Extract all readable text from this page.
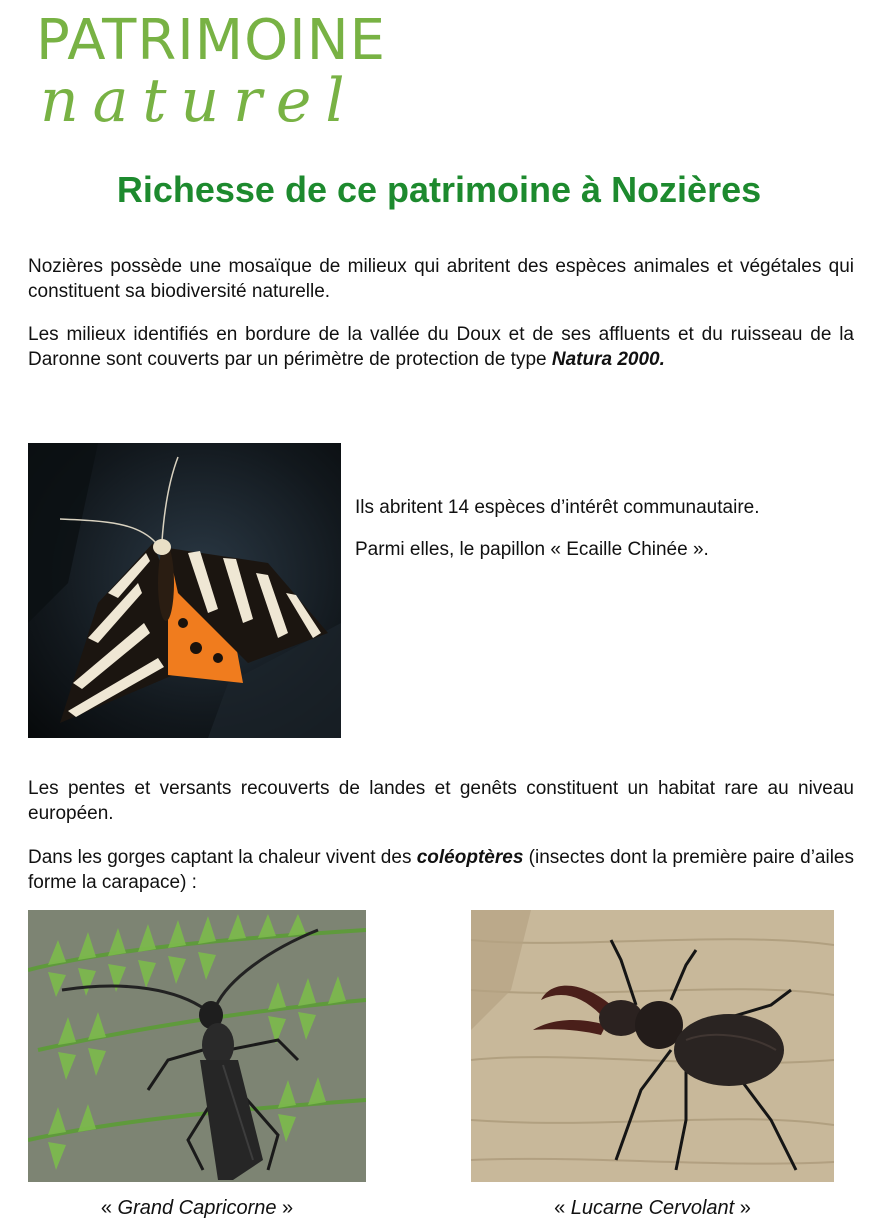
PATRIMOINE
naturel
Richesse de ce patrimoine à Nozières

Nozières possède une mosaïque de milieux qui abritent des espèces animales et végétales qui constituent sa biodiversité naturelle.

Les milieux identifiés en bordure de la vallée du Doux et de ses affluents et du ruisseau de la Daronne sont couverts par un périmètre de protection de type Natura 2000.

Ils abritent 14 espèces d’intérêt communautaire.

Parmi elles, le papillon « Ecaille Chinée ».

Les pentes et versants recouverts de landes et genêts constituent un habitat rare au niveau européen.

Dans les gorges captant la chaleur vivent des coléoptères (insectes dont la première paire d’ailes forme la carapace) :

« Grand Capricorne »	« Lucarne Cervolant »
